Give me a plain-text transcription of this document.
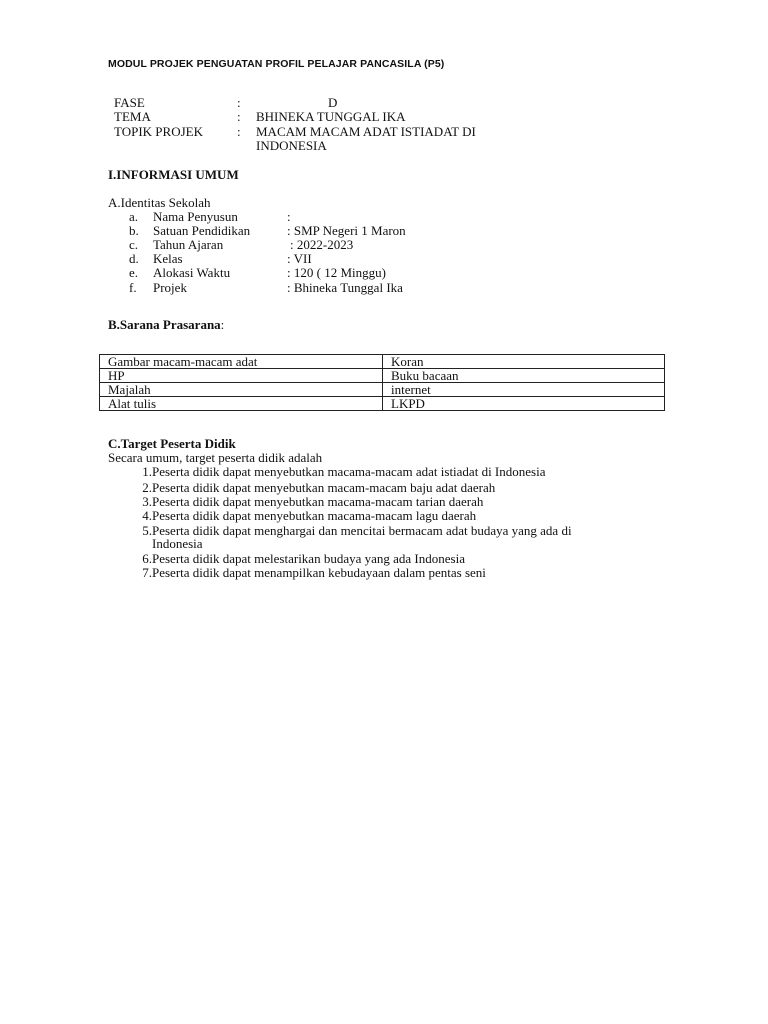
MODUL PROJEK PENGUATAN PROFIL PELAJAR PANCASILA (P5)
FASE	:	D
TEMA	: BHINEKA TUNGGAL IKA
TOPIK PROJEK	: MACAM MACAM ADAT ISTIADAT DI
INDONESIA
I.INFORMASI UMUM
A.Identitas Sekolah
a. Nama Penyusun	:
b. Satuan Pendidikan	: SMP Negeri 1 Maron
c. Tahun Ajaran	: 2022-2023
d. Kelas	: VII
e. Alokasi Waktu	: 120 ( 12 Minggu)
f. Projek	: Bhineka Tunggal Ika
B.Sarana Prasarana:
Gambar macam-macam adat	Koran
HP	Buku bacaan
Majalah	internet
Alat tulis	LKPD
C.Target Peserta Didik
Secara umum, target peserta didik adalah
1. Peserta didik dapat menyebutkan macama-macam adat istiadat di Indonesia
2. Peserta didik dapat menyebutkan macam-macam baju adat daerah
3. Peserta didik dapat menyebutkan macama-macam tarian daerah
4. Peserta didik dapat menyebutkan macama-macam lagu daerah
5. Peserta didik dapat menghargai dan mencitai bermacam adat budaya yang ada di
Indonesia
6. Peserta didik dapat melestarikan budaya yang ada Indonesia
7. Peserta didik dapat menampilkan kebudayaan dalam pentas seni
